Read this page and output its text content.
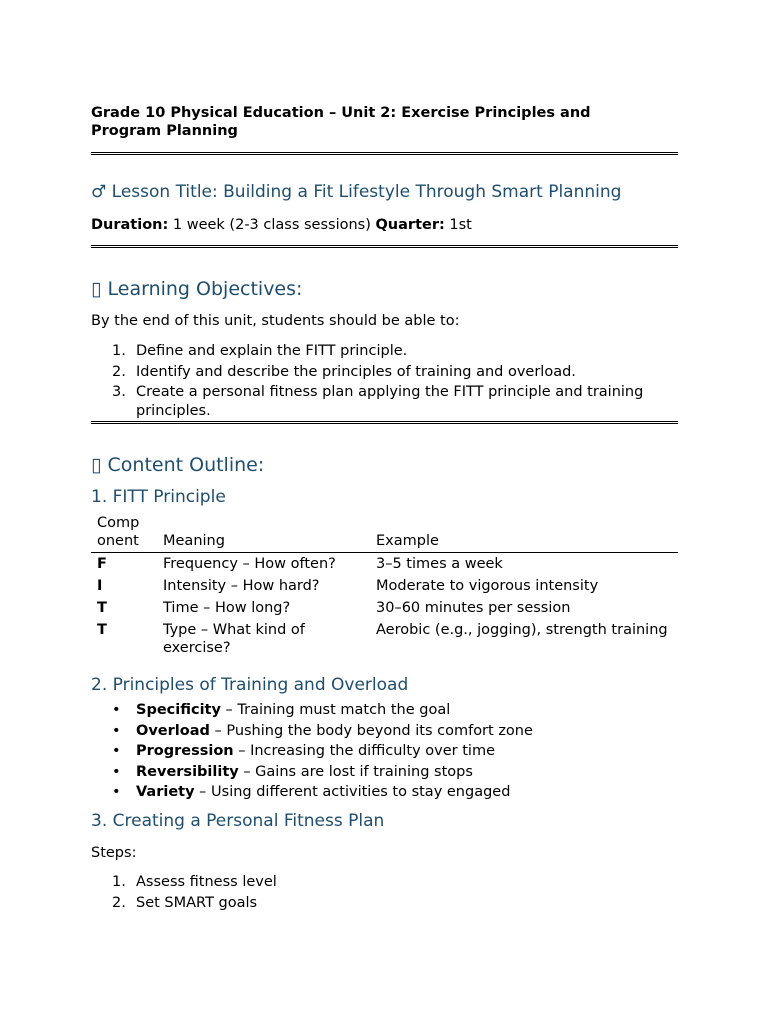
Grade 10 Physical Education – Unit 2: Exercise Principles and Program Planning
♂ Lesson Title: Building a Fit Lifestyle Through Smart Planning
Duration: 1 week (2-3 class sessions) Quarter: 1st
▯ Learning Objectives:
By the end of this unit, students should be able to:
1. Define and explain the FITT principle.
2. Identify and describe the principles of training and overload.
3. Create a personal fitness plan applying the FITT principle and training principles.
▯ Content Outline:
1. FITT Principle
Comp onent	Meaning	Example
F	Frequency – How often?	3–5 times a week
I	Intensity – How hard?	Moderate to vigorous intensity
T	Time – How long?	30–60 minutes per session
T	Type – What kind of exercise?	Aerobic (e.g., jogging), strength training
2. Principles of Training and Overload
• Specificity – Training must match the goal
• Overload – Pushing the body beyond its comfort zone
• Progression – Increasing the difficulty over time
• Reversibility – Gains are lost if training stops
• Variety – Using different activities to stay engaged
3. Creating a Personal Fitness Plan
Steps:
1. Assess fitness level
2. Set SMART goals
